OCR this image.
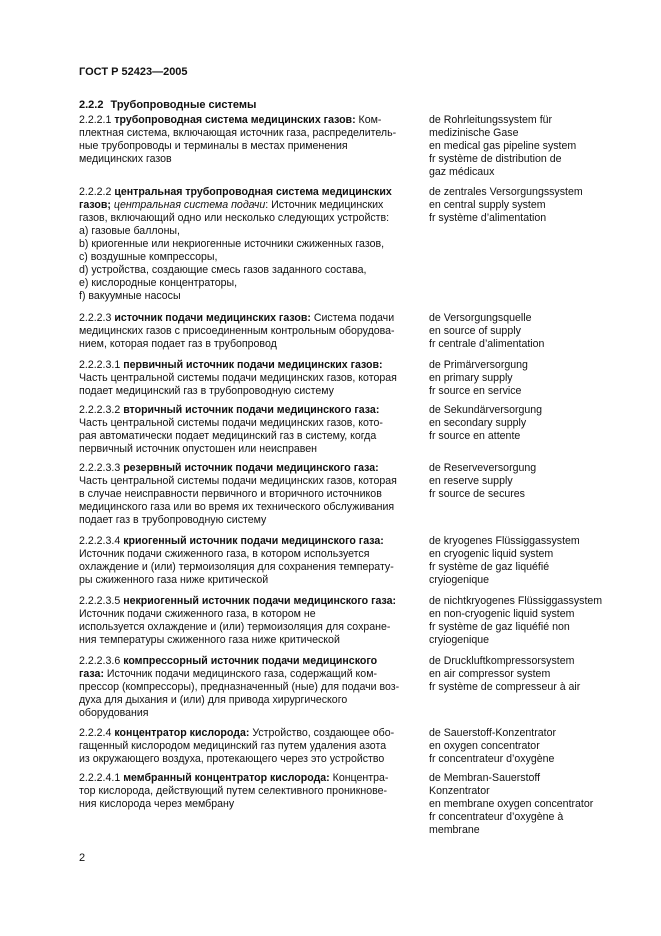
ГОСТ Р 52423—2005
2.2.2 Трубопроводные системы
2.2.2.1 трубопроводная система медицинских газов: Ком-
плектная система, включающая источник газа, распределитель-
ные трубопроводы и терминалы в местах применения
медицинских газов
de Rohrleitungssystem für
medizinische Gase
en medical gas pipeline system
fr système de distribution de
gaz médicaux
2.2.2.2 центральная трубопроводная система медицинских
газов; центральная система подачи: Источник медицинских
газов, включающий одно или несколько следующих устройств:
a) газовые баллоны,
b) криогенные или некриогенные источники сжиженных газов,
c) воздушные компрессоры,
d) устройства, создающие смесь газов заданного состава,
e) кислородные концентраторы,
f) вакуумные насосы
de zentrales Versorgungssystem
en central supply system
fr système d’alimentation
2.2.2.3 источник подачи медицинских газов: Система подачи
медицинских газов с присоединенным контрольным оборудова-
нием, которая подает газ в трубопровод
de Versorgungsquelle
en source of supply
fr centrale d’alimentation
2.2.2.3.1 первичный источник подачи медицинских газов:
Часть центральной системы подачи медицинских газов, которая
подает медицинский газ в трубопроводную систему
de Primärversorgung
en primary supply
fr source en service
2.2.2.3.2 вторичный источник подачи медицинского газа:
Часть центральной системы подачи медицинских газов, кото-
рая автоматически подает медицинский газ в систему, когда
первичный источник опустошен или неисправен
de Sekundärversorgung
en secondary supply
fr source en attente
2.2.2.3.3 резервный источник подачи медицинского газа:
Часть центральной системы подачи медицинских газов, которая
в случае неисправности первичного и вторичного источников
медицинского газа или во время их технического обслуживания
подает газ в трубопроводную систему
de Reserveversorgung
en reserve supply
fr source de secures
2.2.2.3.4 криогенный источник подачи медицинского газа:
Источник подачи сжиженного газа, в котором используется
охлаждение и (или) термоизоляция для сохранения температу-
ры сжиженного газа ниже критической
de kryogenes Flüssiggassystem
en cryogenic liquid system
fr système de gaz liquéfié
cryiogenique
2.2.2.3.5 некриогенный источник подачи медицинского газа:
Источник подачи сжиженного газа, в котором не
используется охлаждение и (или) термоизоляция для сохране-
ния температуры сжиженного газа ниже критической
de nichtkryogenes Flüssiggassystem
en non-cryogenic liquid system
fr système de gaz liquéfié non
cryiogenique
2.2.2.3.6 компрессорный источник подачи медицинского
газа: Источник подачи медицинского газа, содержащий ком-
прессор (компрессоры), предназначенный (ные) для подачи воз-
духа для дыхания и (или) для привода хирургического
оборудования
de Druckluftkompressorsystem
en air compressor system
fr système de compresseur à air
2.2.2.4 концентратор кислорода: Устройство, создающее обо-
гащенный кислородом медицинский газ путем удаления азота
из окружающего воздуха, протекающего через это устройство
de Sauerstoff-Konzentrator
en oxygen concentrator
fr concentrateur d’oxygène
2.2.2.4.1 мембранный концентратор кислорода: Концентра-
тор кислорода, действующий путем селективного проникнове-
ния кислорода через мембрану
de Membran-Sauerstoff
Konzentrator
en membrane oxygen concentrator
fr concentrateur d’oxygène à
membrane
2
